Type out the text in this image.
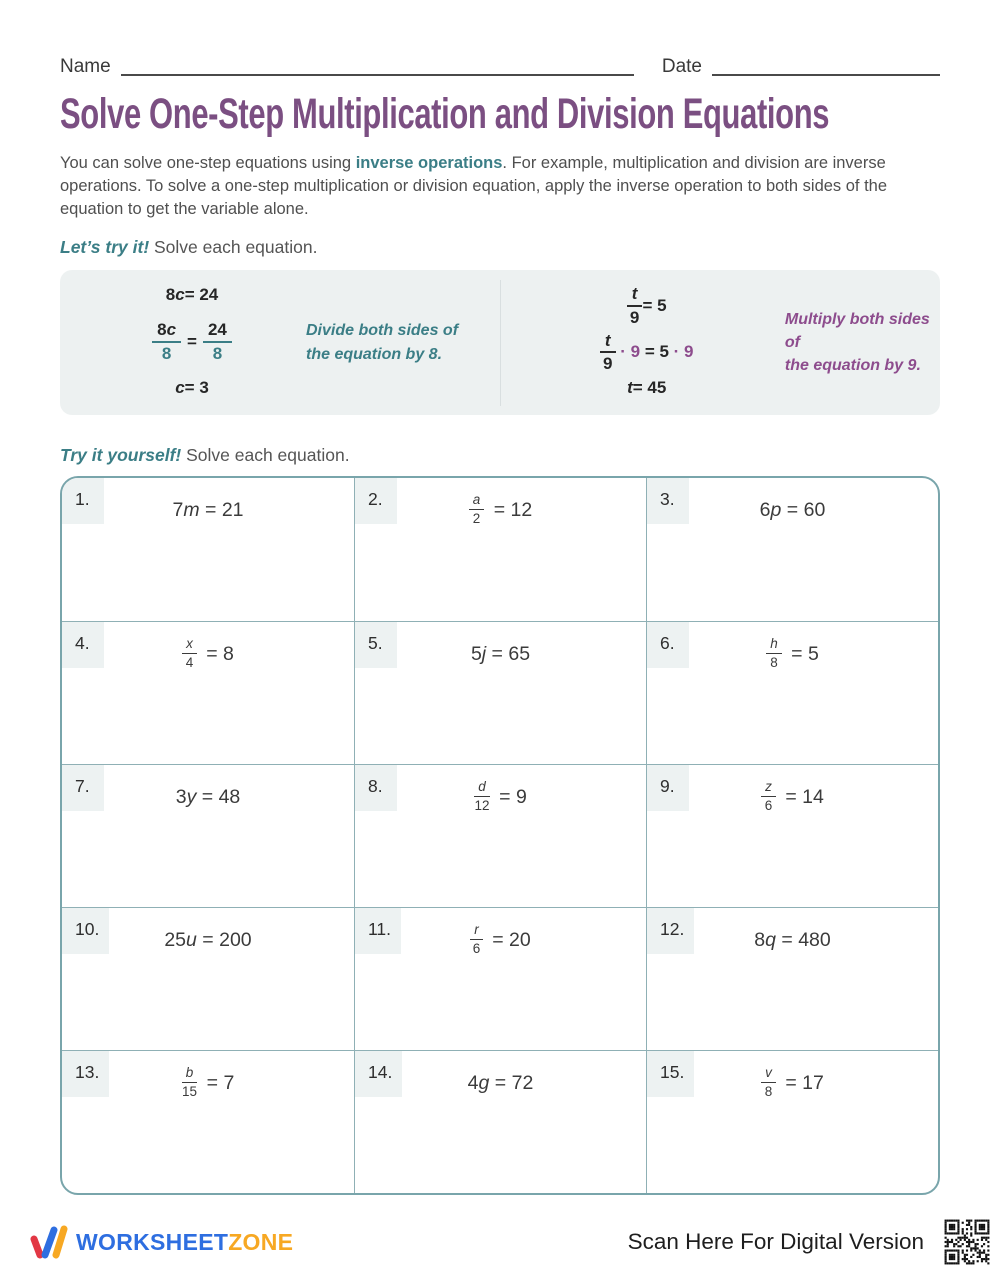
Name	Date
Solve One-Step Multiplication and Division Equations

You can solve one-step equations using inverse operations. For example, multiplication and division are inverse operations. To solve a one-step multiplication or division equation, apply the inverse operation to both sides of the equation to get the variable alone.

Let’s try it! Solve each equation.
8 c = 24
$\frac{8c}{8} = \frac{24}{8}$
c = 3
Divide both sides of
the equation by 8.
$\frac{t}{9} = 5$
$\frac{t}{9} \cdot 9 = 5 \cdot 9$
t = 45
Multiply both sides of
the equation by 9.
Try it yourself! Solve each equation.
1.	7 m = 21	2.	$\frac{a}{2} = 12$	3.	6 p = 60
4.	$\frac{x}{4} = 8$	5.	5 j = 65	6.	$\frac{h}{8} = 5$
7.	3 y = 48	8.	$\frac{d}{12} = 9$	9.	$\frac{z}{6} = 14$
10.	25 u = 200	11.	$\frac{r}{6} = 20$	12.	8 q = 480
13.	$\frac{b}{15} = 7$	14.	4 g = 72	15.	$\frac{v}{8} = 17$
WORKSHEETZONE	Scan Here For Digital Version
